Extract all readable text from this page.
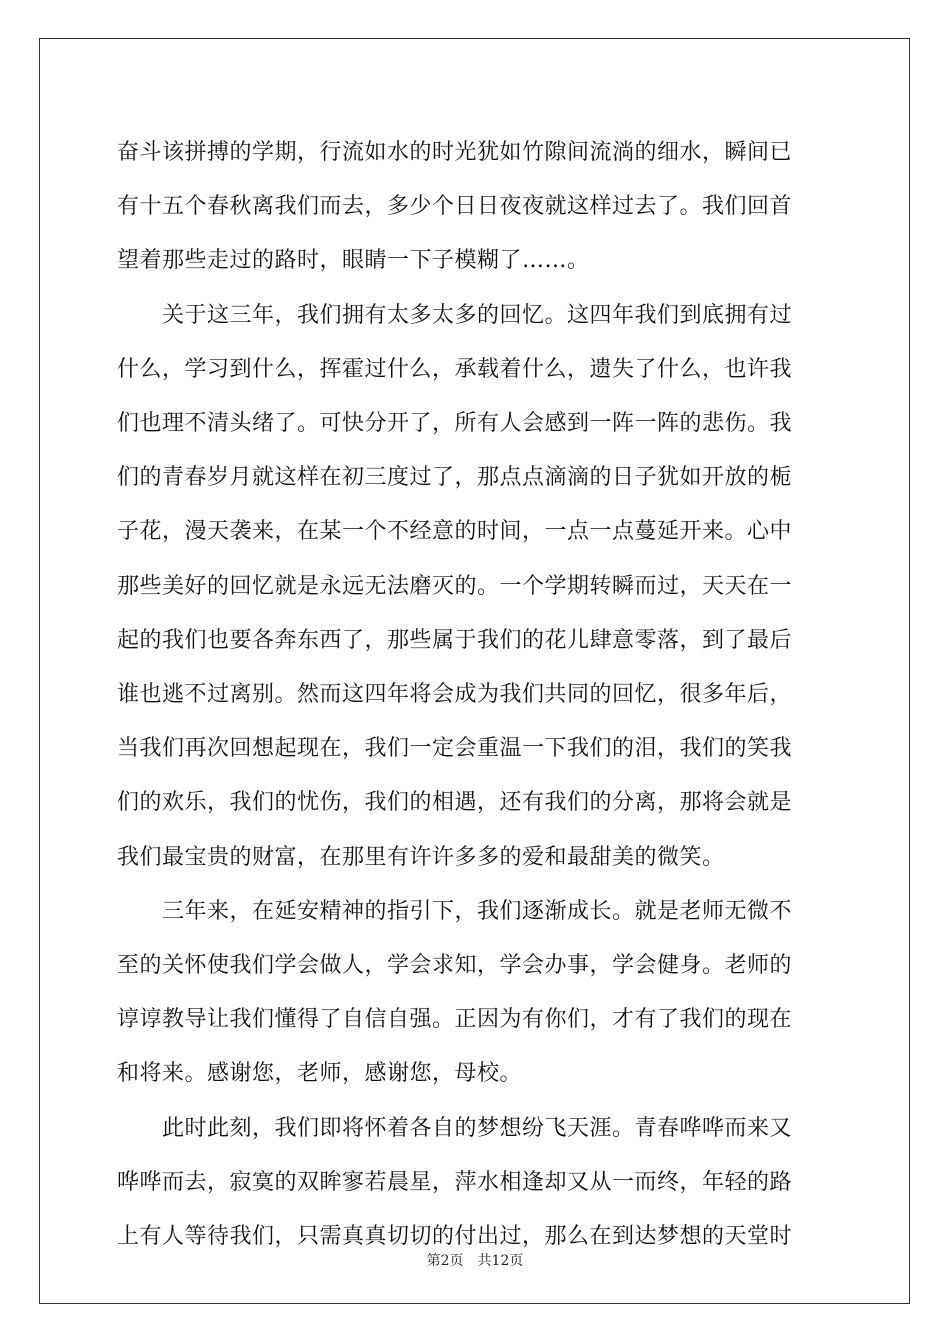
奋斗该拼搏的学期，行流如水的时光犹如竹隙间流淌的细水，瞬间已
有十五个春秋离我们而去，多少个日日夜夜就这样过去了。我们回首
望着那些走过的路时，眼睛一下子模糊了……。
　　关于这三年，我们拥有太多太多的回忆。这四年我们到底拥有过
什么，学习到什么，挥霍过什么，承载着什么，遗失了什么，也许我
们也理不清头绪了。可快分开了，所有人会感到一阵一阵的悲伤。我
们的青春岁月就这样在初三度过了，那点点滴滴的日子犹如开放的栀
子花，漫天袭来，在某一个不经意的时间，一点一点蔓延开来。心中
那些美好的回忆就是永远无法磨灭的。一个学期转瞬而过，天天在一
起的我们也要各奔东西了，那些属于我们的花儿肆意零落，到了最后
谁也逃不过离别。然而这四年将会成为我们共同的回忆，很多年后，
当我们再次回想起现在，我们一定会重温一下我们的泪，我们的笑我
们的欢乐，我们的忧伤，我们的相遇，还有我们的分离，那将会就是
我们最宝贵的财富，在那里有许许多多的爱和最甜美的微笑。
　　三年来，在延安精神的指引下，我们逐渐成长。就是老师无微不
至的关怀使我们学会做人，学会求知，学会办事，学会健身。老师的
谆谆教导让我们懂得了自信自强。正因为有你们，才有了我们的现在
和将来。感谢您，老师，感谢您，母校。
　　此时此刻，我们即将怀着各自的梦想纷飞天涯。青春哗哗而来又
哗哗而去，寂寞的双眸寥若晨星，萍水相逢却又从一而终，年轻的路
上有人等待我们，只需真真切切的付出过，那么在到达梦想的天堂时
第2页 共12页
